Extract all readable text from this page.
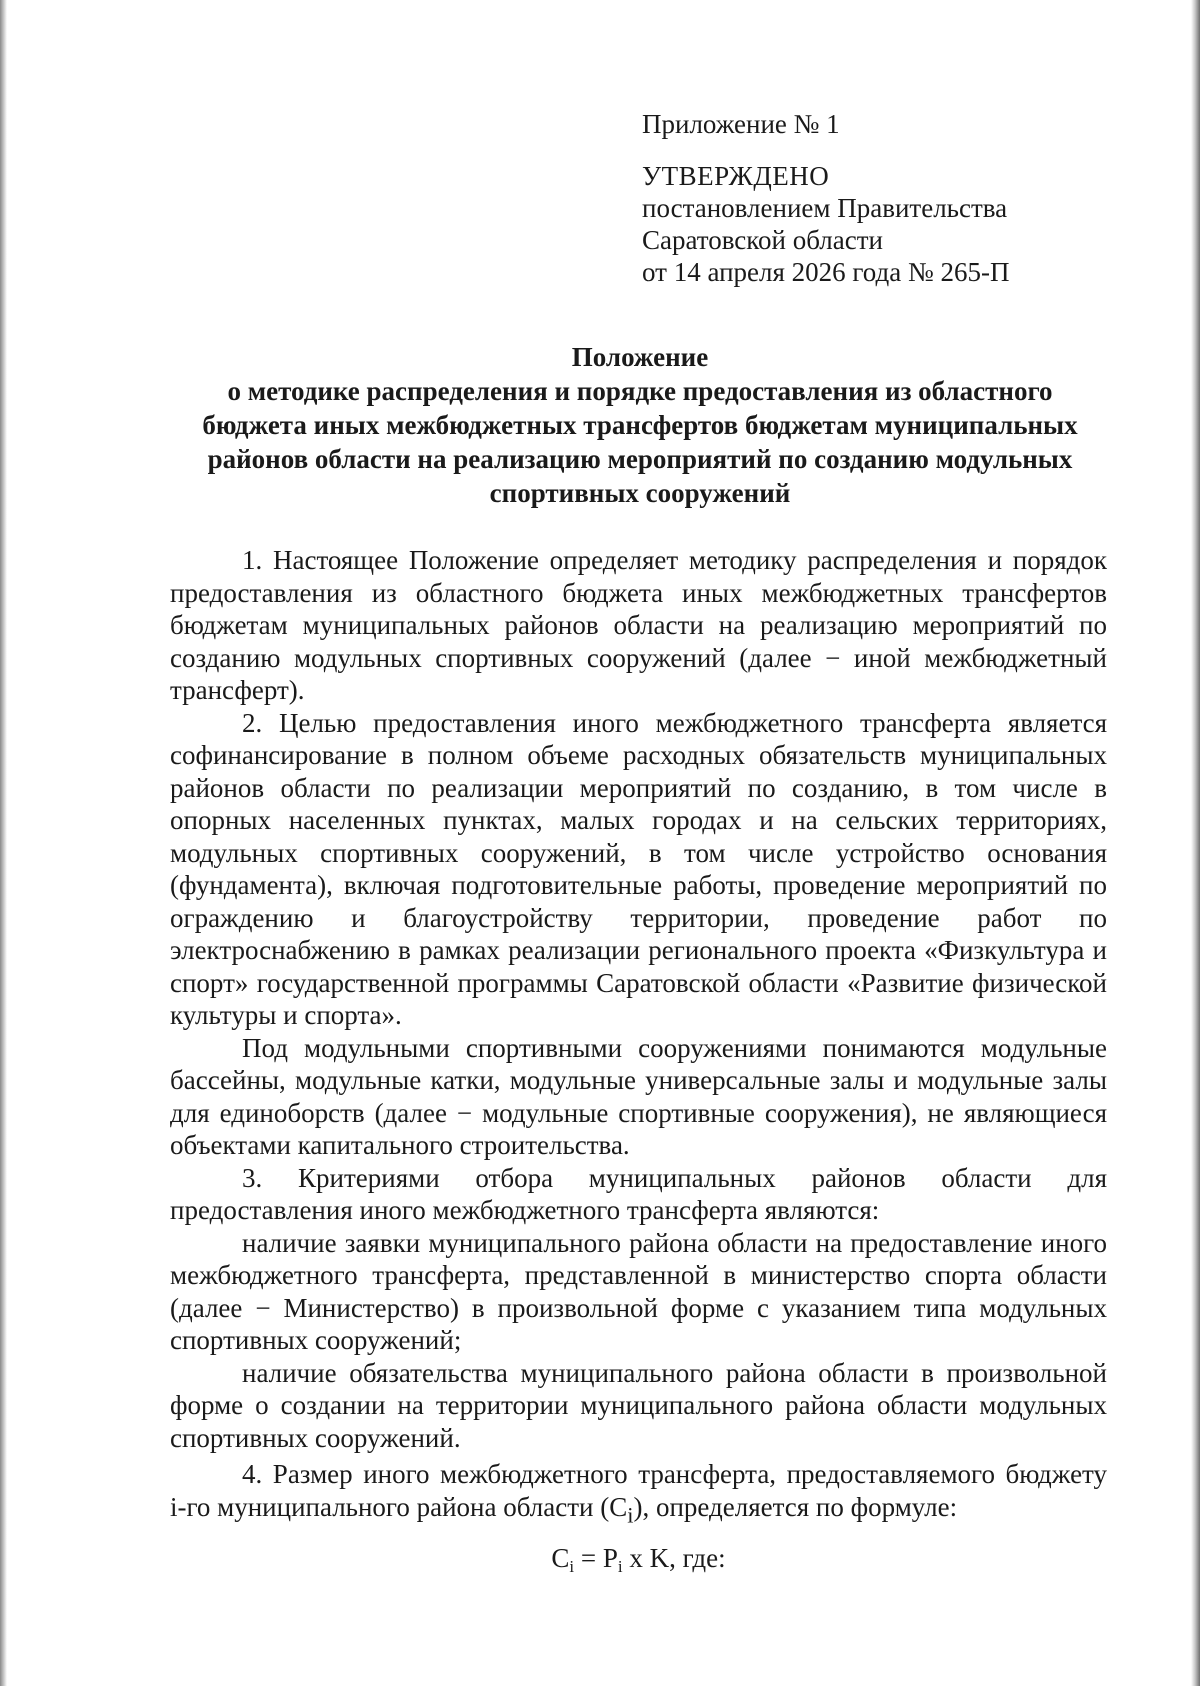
Приложение № 1
УТВЕРЖДЕНО
постановлением Правительства
Саратовской области
от 14 апреля 2026 года № 265-П
Положение
о методике распределения и порядке предоставления из областного
бюджета иных межбюджетных трансфертов бюджетам муниципальных
районов области на реализацию мероприятий по созданию модульных
спортивных сооружений

1. Настоящее Положение определяет методику распределения и порядок предоставления из областного бюджета иных межбюджетных трансфертов бюджетам муниципальных районов области на реализацию мероприятий по созданию модульных спортивных сооружений (далее − иной межбюджетный трансферт).

2. Целью предоставления иного межбюджетного трансферта является софинансирование в полном объеме расходных обязательств муниципальных районов области по реализации мероприятий по созданию, в том числе в опорных населенных пунктах, малых городах и на сельских территориях, модульных спортивных сооружений, в том числе устройство основания (фундамента), включая подготовительные работы, проведение мероприятий по ограждению и благоустройству территории, проведение работ по электроснабжению в рамках реализации регионального проекта «Физкультура и спорт» государственной программы Саратовской области «Развитие физической культуры и спорта».

Под модульными спортивными сооружениями понимаются модульные бассейны, модульные катки, модульные универсальные залы и модульные залы для единоборств (далее − модульные спортивные сооружения), не являющиеся объектами капитального строительства.

3. Критериями отбора муниципальных районов области для предоставления иного межбюджетного трансферта являются:

наличие заявки муниципального района области на предоставление иного межбюджетного трансферта, представленной в министерство спорта области (далее − Министерство) в произвольной форме с указанием типа модульных спортивных сооружений;

наличие обязательства муниципального района области в произвольной форме о создании на территории муниципального района области модульных спортивных сооружений.

4. Размер иного межбюджетного трансферта, предоставляемого бюджету i-го муниципального района области $(C_i)$, определяется по формуле:

$C_i = P_i$ x K, где:
